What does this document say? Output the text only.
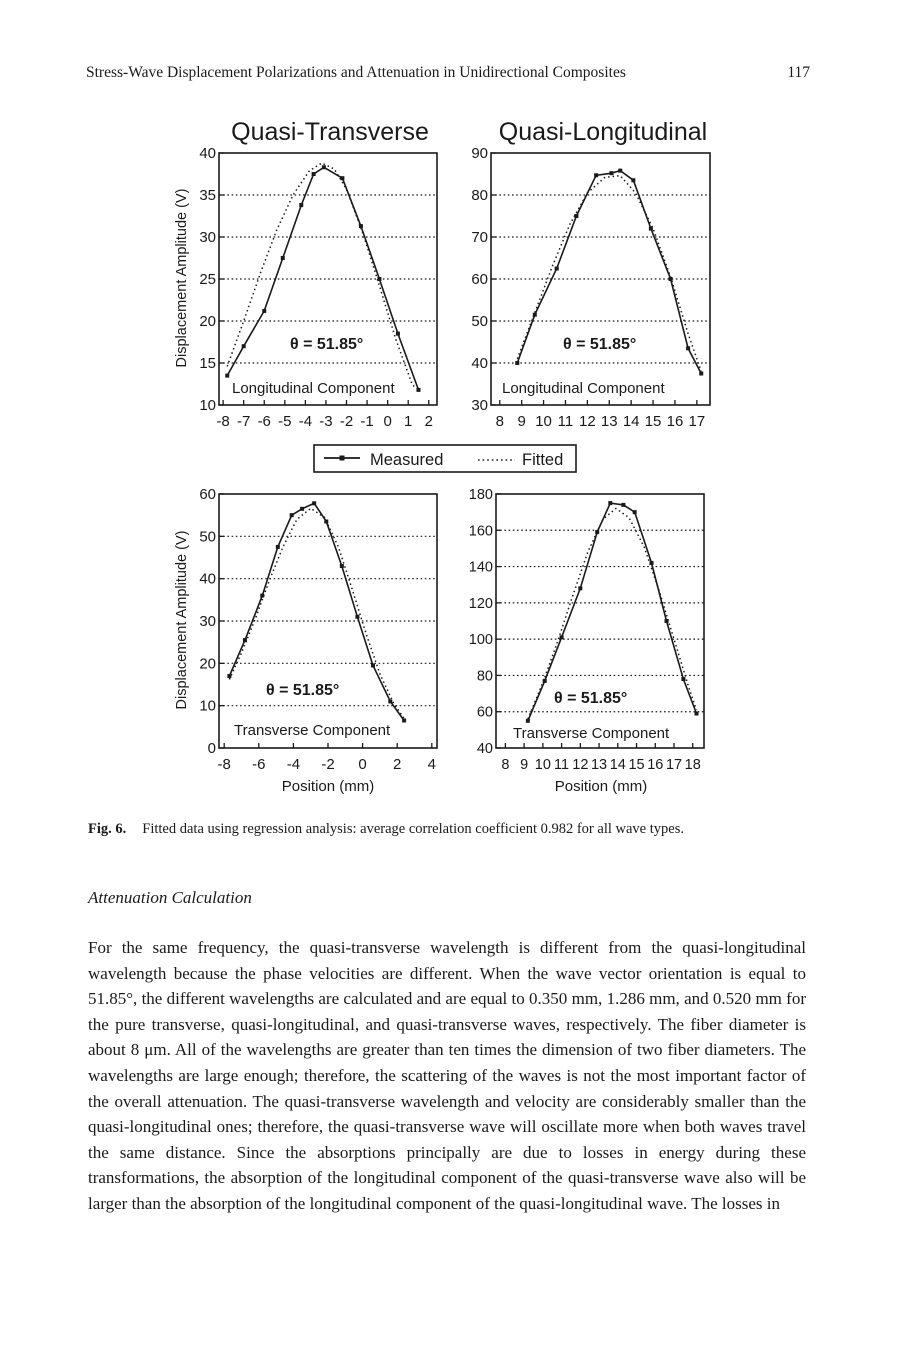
Stress-Wave Displacement Polarizations and Attenuation in Unidirectional Composites	117
Quasi-Transverse	Quasi-Longitudinal
Displacement Amplitude (V)
Displacement Amplitude (V)
Position (mm)	Position (mm)
Measured	Fitted
10
15
20
25
30
35
40
-8 -7 -6 -5 -4 -3 -2 -1 0 1 2
θ = 51.85°
Longitudinal Component
30
40
50
60
70
80
90
8 9 10 11 12 13 14 15 16 17
θ = 51.85°
Longitudinal Component
0
10
20
30
40
50
60
-8 -6 -4 -2 0 2 4
θ = 51.85°
Transverse Component
40
60
80
100
120
140
160
180
8 9 10 11 12 13 14 15 16 17 18
θ = 51.85°
Transverse Component
Fig. 6. Fitted data using regression analysis: average correlation coefficient 0.982 for all wave types.
Attenuation Calculation

For the same frequency, the quasi-transverse wavelength is different from the quasi-longitudinal wavelength because the phase velocities are different. When the wave vector orientation is equal to 51.85°, the different wavelengths are calculated and are equal to 0.350 mm, 1.286 mm, and 0.520 mm for the pure transverse, quasi-longitudinal, and quasi-transverse waves, respectively. The fiber diameter is about 8 μm. All of the wavelengths are greater than ten times the dimension of two fiber diameters. The wavelengths are large enough; therefore, the scattering of the waves is not the most important factor of the overall attenuation. The quasi-transverse wavelength and velocity are considerably smaller than the quasi-longitudinal ones; therefore, the quasi-transverse wave will oscillate more when both waves travel the same distance. Since the absorptions principally are due to losses in energy during these transformations, the absorption of the longitudinal component of the quasi-transverse wave also will be larger than the absorption of the longitudinal component of the quasi-longitudinal wave. The losses in
